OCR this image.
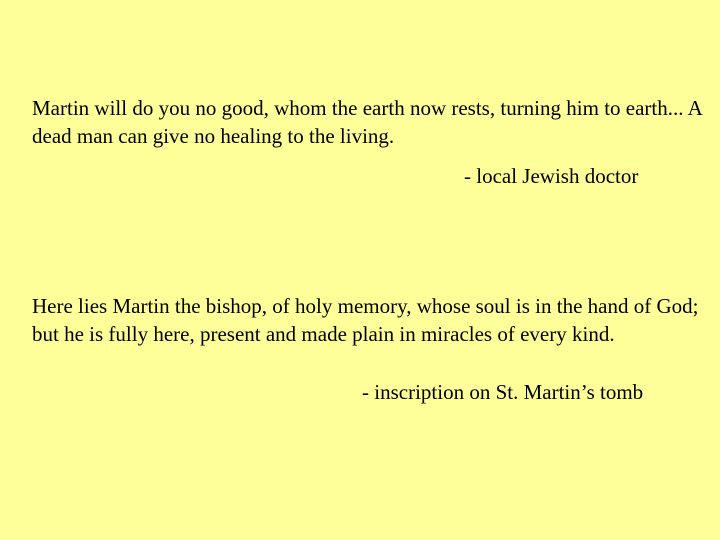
Martin will do you no good, whom the earth now rests, turning him to earth... A dead man can give no healing to the living.

- local Jewish doctor

Here lies Martin the bishop, of holy memory, whose soul is in the hand of God; but he is fully here, present and made plain in miracles of every kind.

- inscription on St. Martin’s tomb
